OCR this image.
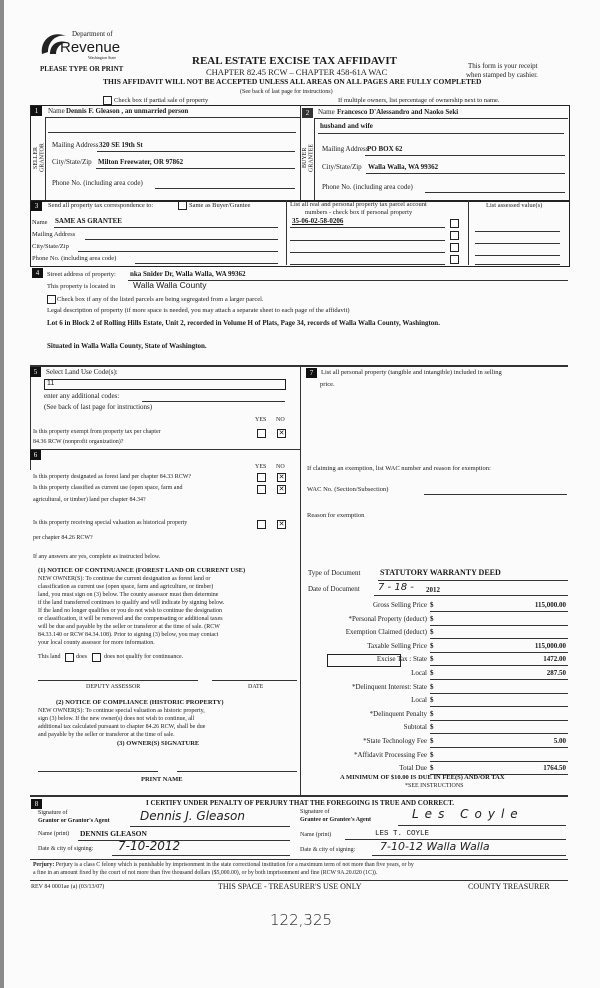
Department of
Revenue
Washington State
PLEASE TYPE OR PRINT
REAL ESTATE EXCISE TAX AFFIDAVIT
CHAPTER 82.45 RCW – CHAPTER 458-61A WAC
THIS AFFIDAVIT WILL NOT BE ACCEPTED UNLESS ALL AREAS ON ALL PAGES ARE FULLY COMPLETED
(See back of last page for instructions)
This form is your receipt
when stamped by cashier.
Check box if partial sale of property	If multiple owners, list percentage of ownership next to name.
1	Name Dennis F. Gleason , an unmarried person
SELLER
GRANTOR Mailing Address 320 SE 19th St
City/State/Zip Milton Freewater, OR 97862
Phone No. (including area code)
2	Name Francesco D'Alessandro and Naoko Seki
husband and wife
BUYER
GRANTEE Mailing Address
PO BOX 62
City/State/Zip Walla Walla, WA 99362
Phone No. (including area code)
3	Send all property tax correspondence to:	Same as Buyer/Grantee
Name SAME AS GRANTEE
Mailing Address
City/State/Zip
Phone No. (including area code)
List all real and personal property tax parcel account
numbers - check box if personal property
35-06-02-58-0206
List assessed value(s)
4	Street address of property: nka Snider Dr, Walla Walla, WA 99362
This property is located in Walla Walla County
Check box if any of the listed parcels are being segregated from a larger parcel.
Legal description of property (if more space is needed, you may attach a separate sheet to each page of the affidavit)
Lot 6 in Block 2 of Rolling Hills Estate, Unit 2, recorded in Volume H of Plats, Page 34, records of Walla Walla County, Washington.
Situated in Walla Walla County, State of Washington.
5	Select Land Use Code(s):
11
enter any additional codes:
(See back of last page for instructions)
YES NO
Is this property exempt from property tax per chapter
84.36 RCW (nonprofit organization)?
✕
6
YES NO
Is this property designated as forest land per chapter 84.33 RCW?	✕
Is this property classified as current use (open space, farm and
agricultural, or timber) land per chapter 84.34?
✕
Is this property receiving special valuation as historical property
per chapter 84.26 RCW?
✕
If any answers are yes, complete as instructed below.
(1) NOTICE OF CONTINUANCE (FOREST LAND OR CURRENT USE)
NEW OWNER(S): To continue the current designation as forest land or
classification as current use (open space, farm and agriculture, or timber)
land, you must sign on (3) below. The county assessor must then determine
if the land transferred continues to qualify and will indicate by signing below.
If the land no longer qualifies or you do not wish to continue the designation
or classification, it will be removed and the compensating or additional taxes
will be due and payable by the seller or transferor at the time of sale. (RCW
84.33.140 or RCW 84.34.108). Prior to signing (3) below, you may contact
your local county assessor for more information.
This land	does	does not qualify for continuance.
DEPUTY ASSESSOR	DATE
(2) NOTICE OF COMPLIANCE (HISTORIC PROPERTY)
NEW OWNER(S): To continue special valuation as historic property,
sign (3) below. If the new owner(s) does not wish to continue, all
additional tax calculated pursuant to chapter 84.26 RCW, shall be due
and payable by the seller or transferor at the time of sale.
(3) OWNER(S) SIGNATURE
PRINT NAME
7	List all personal property (tangible and intangible) included in selling
price.
If claiming an exemption, list WAC number and reason for exemption:
WAC No. (Section/Subsection)
Reason for exemption
Type of Document STATUTORY WARRANTY DEED
Date of Document 7 - 18 - 2012
Gross Selling Price $	115,000.00
*Personal Property (deduct) $
Exemption Claimed (deduct) $
Taxable Selling Price $	115,000.00
Excise Tax : State $	1472.00
Local $	287.50
*Delinquent Interest: State $
Local $
*Delinquent Penalty $
Subtotal $
*State Technology Fee $	5.00
*Affidavit Processing Fee $
Total Due $	1764.50
A MINIMUM OF $10.00 IS DUE IN FEE(S) AND/OR TAX
*SEE INSTRUCTIONS
8	I CERTIFY UNDER PENALTY OF PERJURY THAT THE FOREGOING IS TRUE AND CORRECT.
Signature of
Grantor or Grantor's Agent	Dennis J. Gleason
Name (print) DENNIS GLEASON
Date & city of signing: 7-10-2012
Signature of
Grantee or Grantee's Agent	Les Coyle
Name (print)	LES T. COYLE
Date & city of signing: 7-10-12 Walla Walla
Perjury: Perjury is a class C felony which is punishable by imprisonment in the state correctional institution for a maximum term of not more than five years, or by
a fine in an amount fixed by the court of not more than five thousand dollars ($5,000.00), or by both imprisonment and fine (RCW 9A.20.020 (1C)).
REV 84 0001ae (a) (03/13/07)	THIS SPACE - TREASURER'S USE ONLY	COUNTY TREASURER
122,325
